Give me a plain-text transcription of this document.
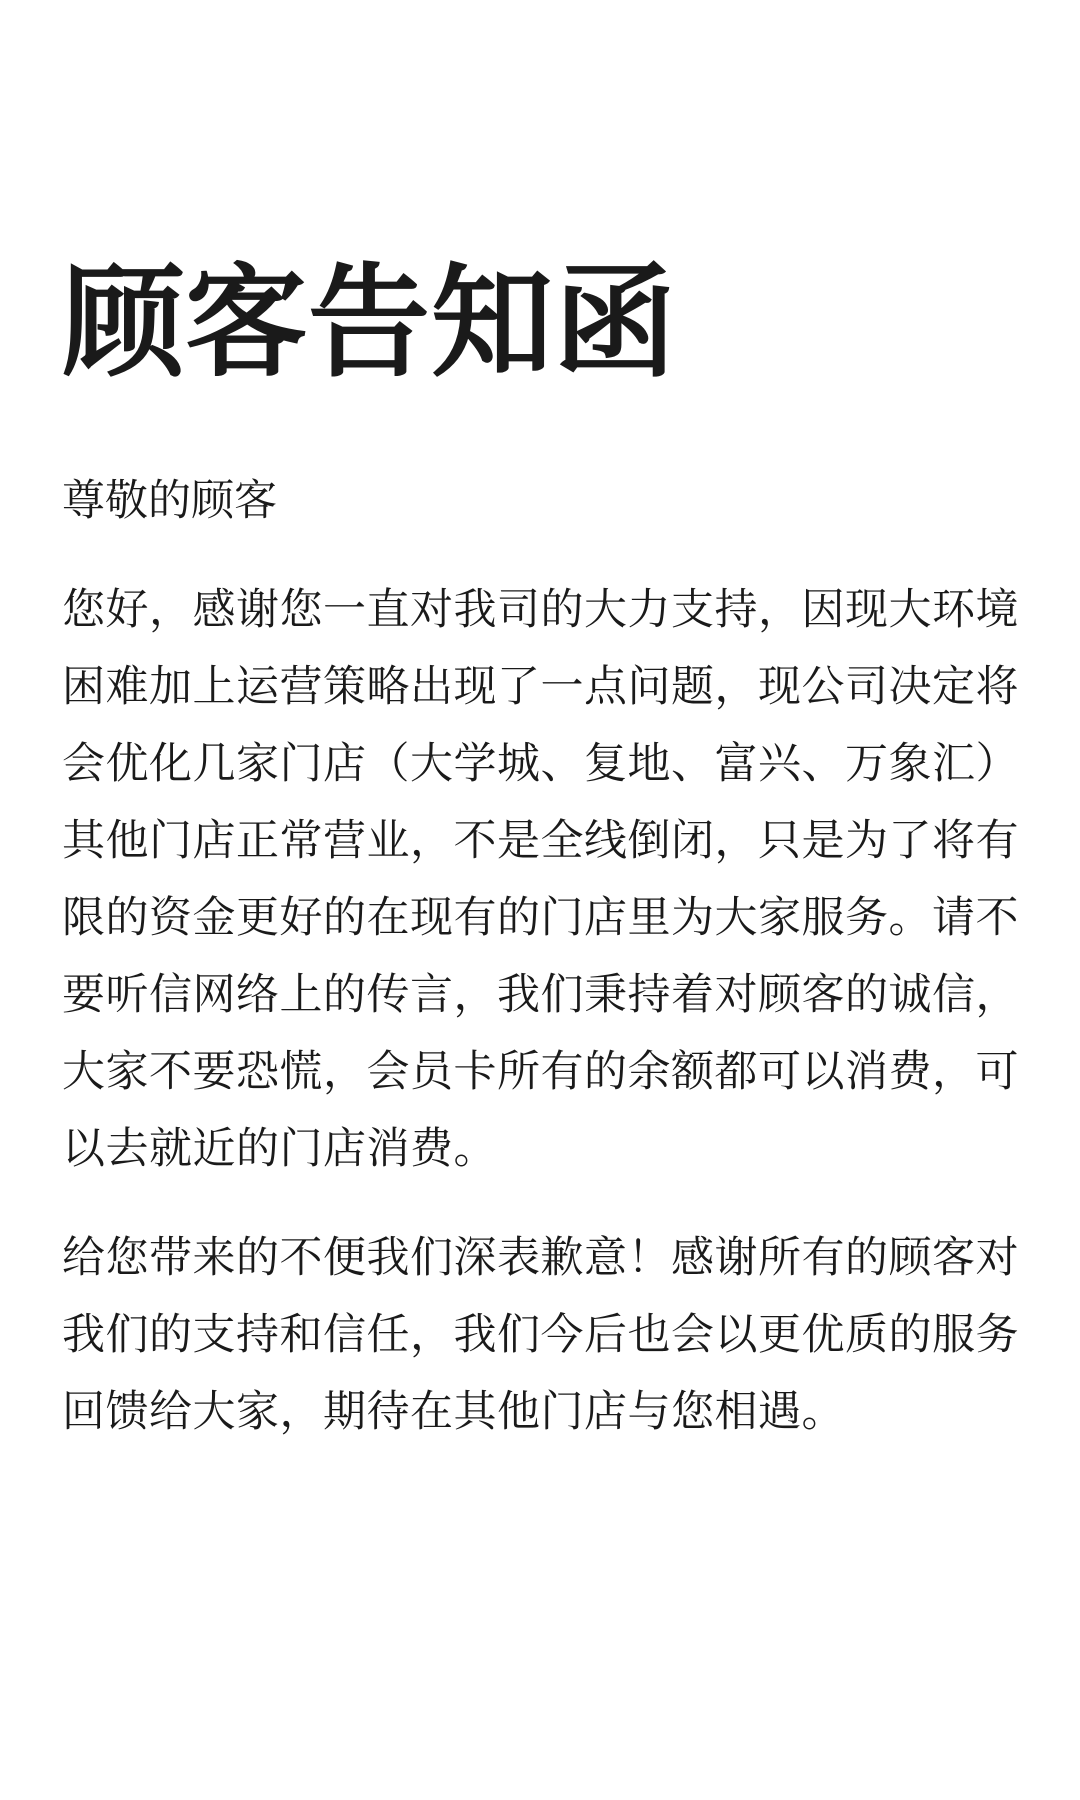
顾客告知函
尊敬的顾客
您好，感谢您一直对我司的大力支持，因现大环境
困难加上运营策略出现了一点问题，现公司决定将
会优化几家门店（大学城、复地、富兴、万象汇）
其他门店正常营业，不是全线倒闭，只是为了将有
限的资金更好的在现有的门店里为大家服务。请不
要听信网络上的传言，我们秉持着对顾客的诚信，
大家不要恐慌，会员卡所有的余额都可以消费，可
以去就近的门店消费。
给您带来的不便我们深表歉意！感谢所有的顾客对
我们的支持和信任，我们今后也会以更优质的服务
回馈给大家，期待在其他门店与您相遇。
